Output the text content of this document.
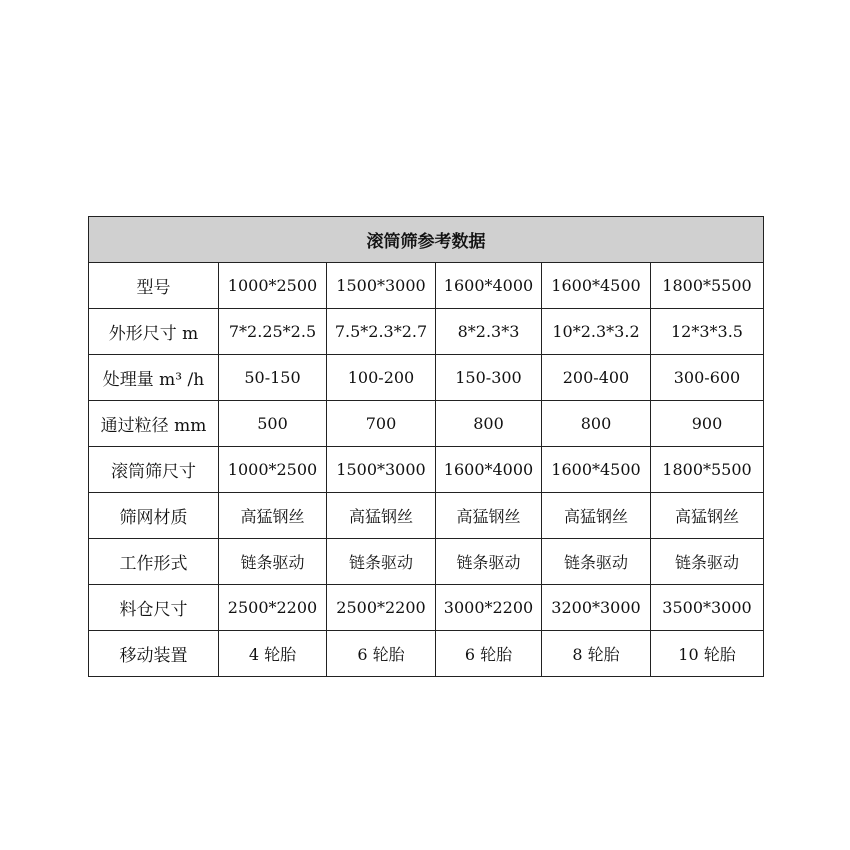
滚筒筛参考数据					
型号	1000*2500	1500*3000	1600*4000	1600*4500	1800*5500
外形尺寸 m	7*2.25*2.5	7.5*2.3*2.7	8*2.3*3	10*2.3*3.2	12*3*3.5
处理量 m³ /h	50-150	100-200	150-300	200-400	300-600
通过粒径 mm	500	700	800	800	900
滚筒筛尺寸	1000*2500	1500*3000	1600*4000	1600*4500	1800*5500
筛网材质	高猛钢丝	高猛钢丝	高猛钢丝	高猛钢丝	高猛钢丝
工作形式	链条驱动	链条驱动	链条驱动	链条驱动	链条驱动
料仓尺寸	2500*2200	2500*2200	3000*2200	3200*3000	3500*3000
移动装置	4 轮胎	6 轮胎	6 轮胎	8 轮胎	10 轮胎
